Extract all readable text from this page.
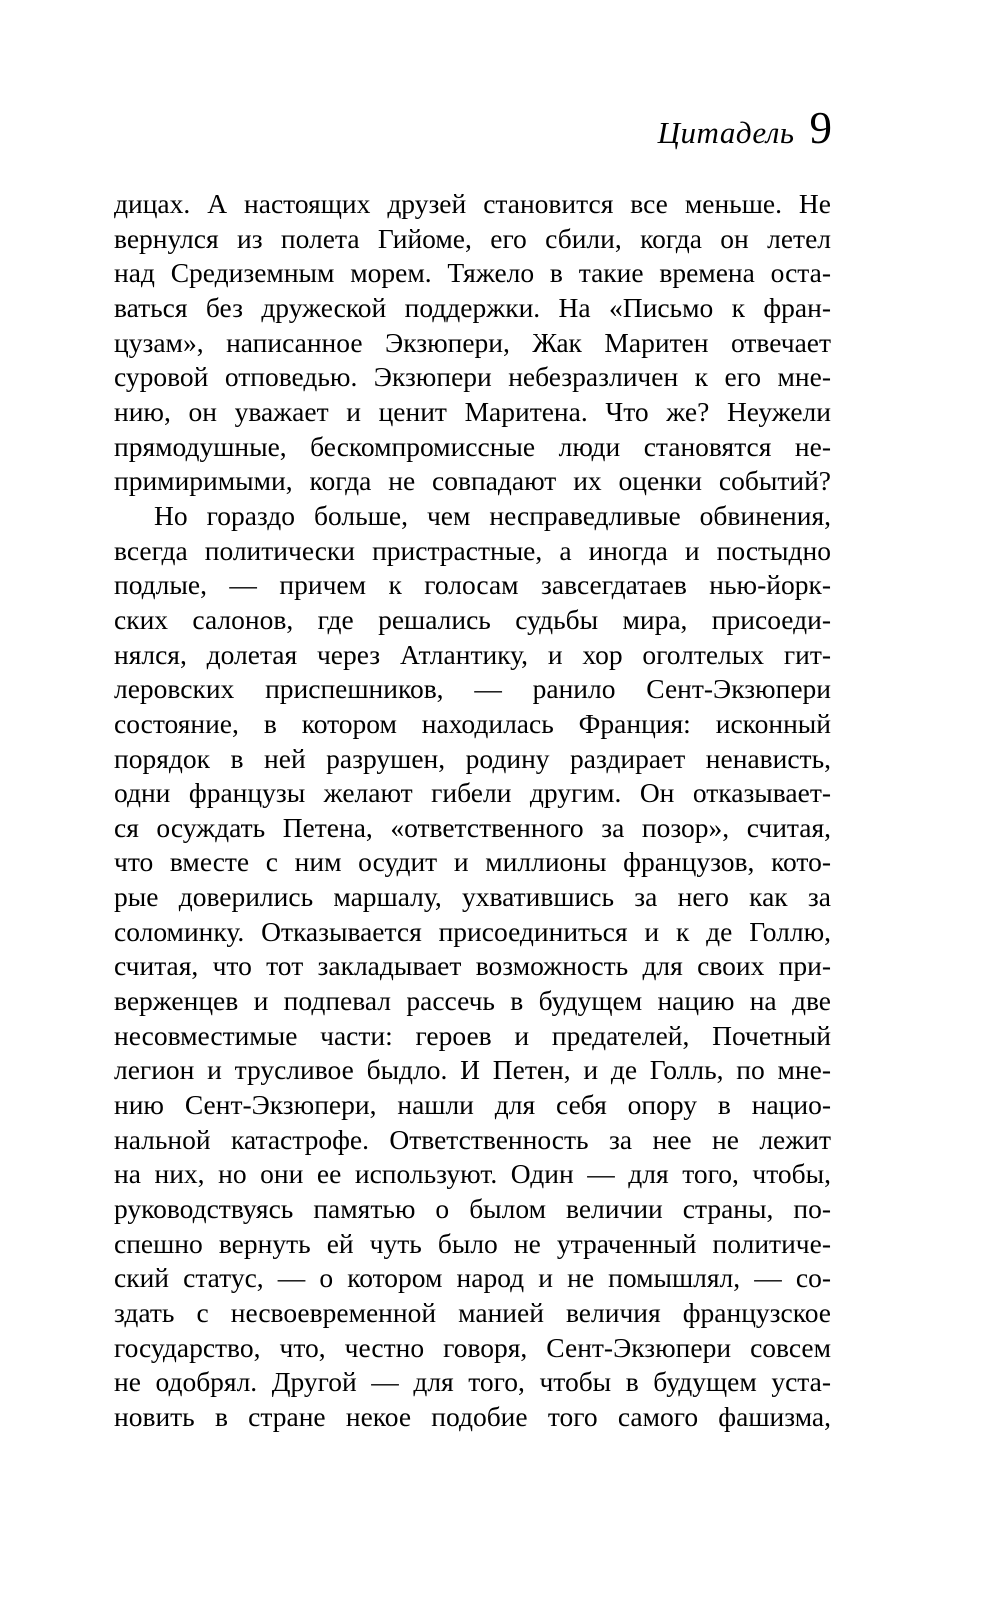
Цитадель 9
дицах. А настоящих друзей становится все меньше. Не
вернулся из полета Гийоме, его сбили, когда он летел
над Средиземным морем. Тяжело в такие времена оста-
ваться без дружеской поддержки. На «Письмо к фран-
цузам», написанное Экзюпери, Жак Маритен отвечает
суровой отповедью. Экзюпери небезразличен к его мне-
нию, он уважает и ценит Маритена. Что же? Неужели
прямодушные, бескомпромиссные люди становятся не-
примиримыми, когда не совпадают их оценки событий?
Но гораздо больше, чем несправедливые обвинения,
всегда политически пристрастные, а иногда и постыдно
подлые, — причем к голосам завсегдатаев нью-йорк-
ских салонов, где решались судьбы мира, присоеди-
нялся, долетая через Атлантику, и хор оголтелых гит-
леровских приспешников, — ранило Сент-Экзюпери
состояние, в котором находилась Франция: исконный
порядок в ней разрушен, родину раздирает ненависть,
одни французы желают гибели другим. Он отказывает-
ся осуждать Петена, «ответственного за позор», считая,
что вместе с ним осудит и миллионы французов, кото-
рые доверились маршалу, ухватившись за него как за
соломинку. Отказывается присоединиться и к де Голлю,
считая, что тот закладывает возможность для своих при-
верженцев и подпевал рассечь в будущем нацию на две
несовместимые части: героев и предателей, Почетный
легион и трусливое быдло. И Петен, и де Голль, по мне-
нию Сент-Экзюпери, нашли для себя опору в нацио-
нальной катастрофе. Ответственность за нее не лежит
на них, но они ее используют. Один — для того, чтобы,
руководствуясь памятью о былом величии страны, по-
спешно вернуть ей чуть было не утраченный политиче-
ский статус, — о котором народ и не помышлял, — со-
здать с несвоевременной манией величия французское
государство, что, честно говоря, Сент-Экзюпери совсем
не одобрял. Другой — для того, чтобы в будущем уста-
новить в стране некое подобие того самого фашизма,
